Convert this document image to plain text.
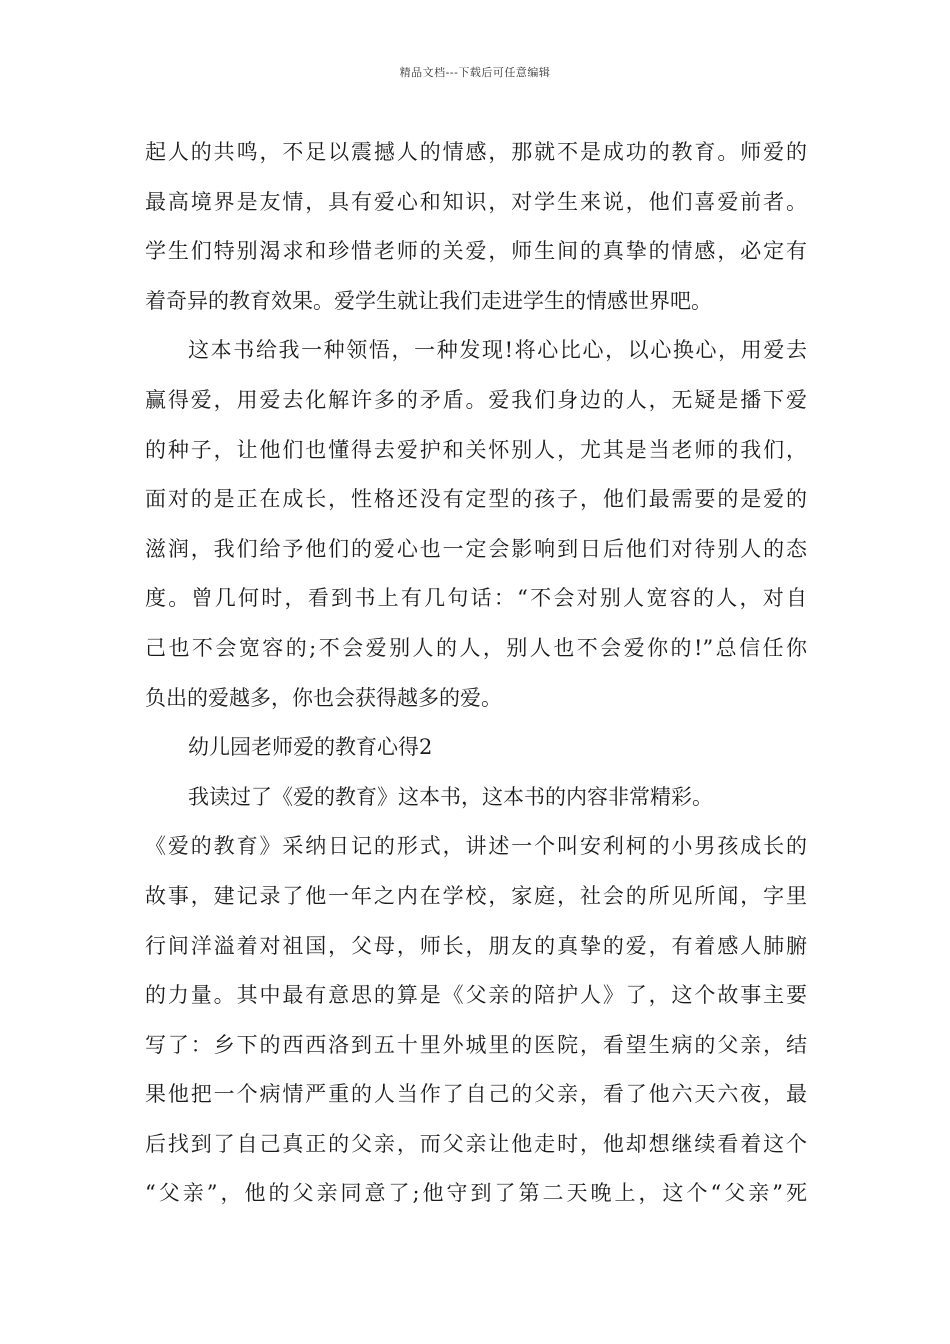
精品文档---下载后可任意编辑
起人的共鸣，不足以震撼人的情感，那就不是成功的教育。师爱的
最高境界是友情，具有爱心和知识，对学生来说，他们喜爱前者。
学生们特别渴求和珍惜老师的关爱，师生间的真挚的情感，必定有
着奇异的教育效果。爱学生就让我们走进学生的情感世界吧。
这本书给我一种领悟，一种发现!将心比心，以心换心，用爱去
赢得爱，用爱去化解许多的矛盾。爱我们身边的人，无疑是播下爱
的种子，让他们也懂得去爱护和关怀别人，尤其是当老师的我们，
面对的是正在成长，性格还没有定型的孩子，他们最需要的是爱的
滋润，我们给予他们的爱心也一定会影响到日后他们对待别人的态
度。曾几何时，看到书上有几句话：“不会对别人宽容的人，对自
己也不会宽容的;不会爱别人的人，别人也不会爱你的!”总信任你
负出的爱越多，你也会获得越多的爱。
幼儿园老师爱的教育心得2
我读过了《爱的教育》这本书，这本书的内容非常精彩。
《爱的教育》采纳日记的形式，讲述一个叫安利柯的小男孩成长的
故事，建记录了他一年之内在学校，家庭，社会的所见所闻，字里
行间洋溢着对祖国，父母，师长，朋友的真挚的爱，有着感人肺腑
的力量。其中最有意思的算是《父亲的陪护人》了，这个故事主要
写了：乡下的西西洛到五十里外城里的医院，看望生病的父亲，结
果他把一个病情严重的人当作了自己的父亲，看了他六天六夜，最
后找到了自己真正的父亲，而父亲让他走时，他却想继续看着这个
“父亲”，他的父亲同意了;他守到了第二天晚上，这个“父亲”死
